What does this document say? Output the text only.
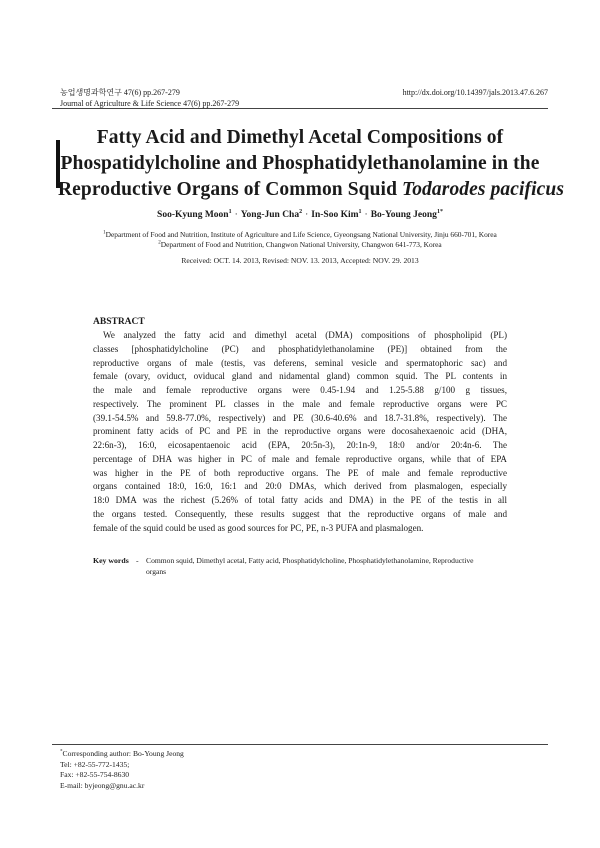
농업생명과학연구 47(6) pp.267-279	http://dx.doi.org/10.14397/jals.2013.47.6.267
Journal of Agriculture & Life Science 47(6) pp.267-279
Fatty Acid and Dimethyl Acetal Compositions of
Phospatidylcholine and Phosphatidylethanolamine in the
Reproductive Organs of Common Squid Todarodes pacificus
Soo-Kyung Moon$^1$ · Yong-Jun Cha$^2$ · In-Soo Kim$^1$ · Bo-Young Jeong$^{1*}$
$^1$Department of Food and Nutrition, Institute of Agriculture and Life Science, Gyeongsang National University, Jinju 660-701, Korea
$^2$Department of Food and Nutrition, Changwon National University, Changwon 641-773, Korea
Received: OCT. 14. 2013, Revised: NOV. 13. 2013, Accepted: NOV. 29. 2013
ABSTRACT
We analyzed the fatty acid and dimethyl acetal (DMA) compositions of phospholipid (PL)
classes [phosphatidylcholine (PC) and phosphatidylethanolamine (PE)] obtained from the
reproductive organs of male (testis, vas deferens, seminal vesicle and spermatophoric sac) and
female (ovary, oviduct, oviducal gland and nidamental gland) common squid. The PL contents in
the male and female reproductive organs were 0.45-1.94 and 1.25-5.88 g/100 g tissues,
respectively. The prominent PL classes in the male and female reproductive organs were PC
(39.1-54.5% and 59.8-77.0%, respectively) and PE (30.6-40.6% and 18.7-31.8%, respectively). The
prominent fatty acids of PC and PE in the reproductive organs were docosahexaenoic acid (DHA,
22:6n-3), 16:0, eicosapentaenoic acid (EPA, 20:5n-3), 20:1n-9, 18:0 and/or 20:4n-6. The
percentage of DHA was higher in PC of male and female reproductive organs, while that of EPA
was higher in the PE of both reproductive organs. The PE of male and female reproductive
organs contained 18:0, 16:0, 16:1 and 20:0 DMAs, which derived from plasmalogen, especially
18:0 DMA was the richest (5.26% of total fatty acids and DMA) in the PE of the testis in all
the organs tested. Consequently, these results suggest that the reproductive organs of male and
female of the squid could be used as good sources for PC, PE, n-3 PUFA and plasmalogen.
Key words - Common squid, Dimethyl acetal, Fatty acid, Phosphatidylcholine, Phosphatidylethanolamine, Reproductive
organs
*Corresponding author: Bo-Young Jeong
Tel: +82-55-772-1435;
Fax: +82-55-754-8630
E-mail: byjeong@gnu.ac.kr
